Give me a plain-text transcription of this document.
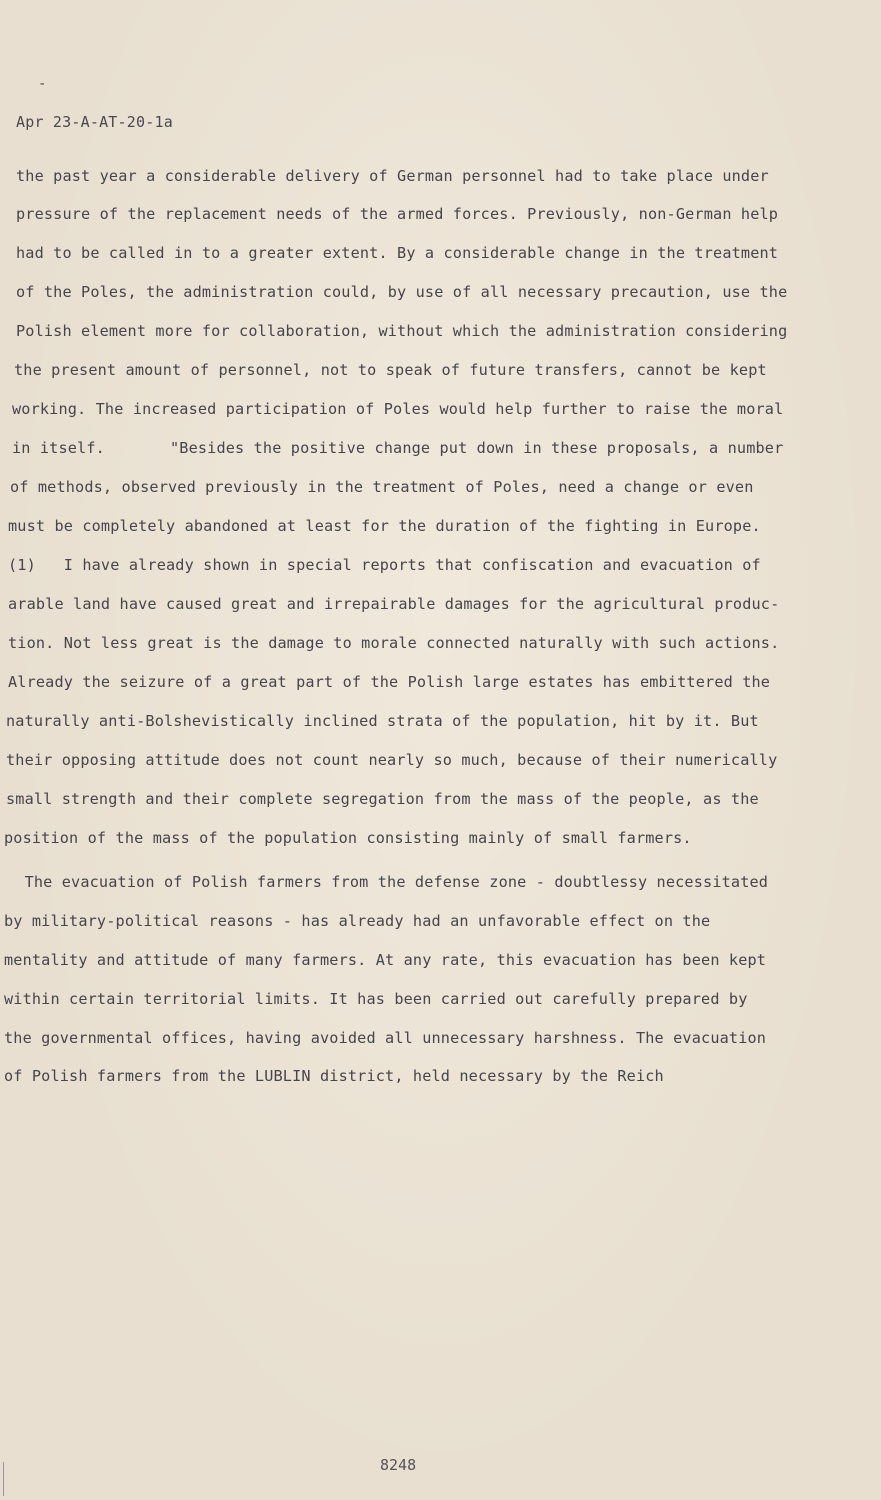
-
Apr 23-A-AT-20-1a
the past year a considerable delivery of German personnel had to take place under
pressure of the replacement needs of the armed forces. Previously, non-German help
had to be called in to a greater extent. By a considerable change in the treatment
of the Poles, the administration could, by use of all necessary precaution, use the
Polish element more for collaboration, without which the administration considering
the present amount of personnel, not to speak of future transfers, cannot be kept
working. The increased participation of Poles would help further to raise the moral
in itself.       "Besides the positive change put down in these proposals, a number
of methods, observed previously in the treatment of Poles, need a change or even
must be completely abandoned at least for the duration of the fighting in Europe.
(1)   I have already shown in special reports that confiscation and evacuation of
arable land have caused great and irrepairable damages for the agricultural produc-
tion. Not less great is the damage to morale connected naturally with such actions.
Already the seizure of a great part of the Polish large estates has embittered the
naturally anti-Bolshevistically inclined strata of the population, hit by it. But
their opposing attitude does not count nearly so much, because of their numerically
small strength and their complete segregation from the mass of the people, as the
position of the mass of the population consisting mainly of small farmers.
The evacuation of Polish farmers from the defense zone - doubtlessy necessitated
by military-political reasons - has already had an unfavorable effect on the
mentality and attitude of many farmers. At any rate, this evacuation has been kept
within certain territorial limits. It has been carried out carefully prepared by
the governmental offices, having avoided all unnecessary harshness. The evacuation
of Polish farmers from the LUBLIN district, held necessary by the Reich
8248
